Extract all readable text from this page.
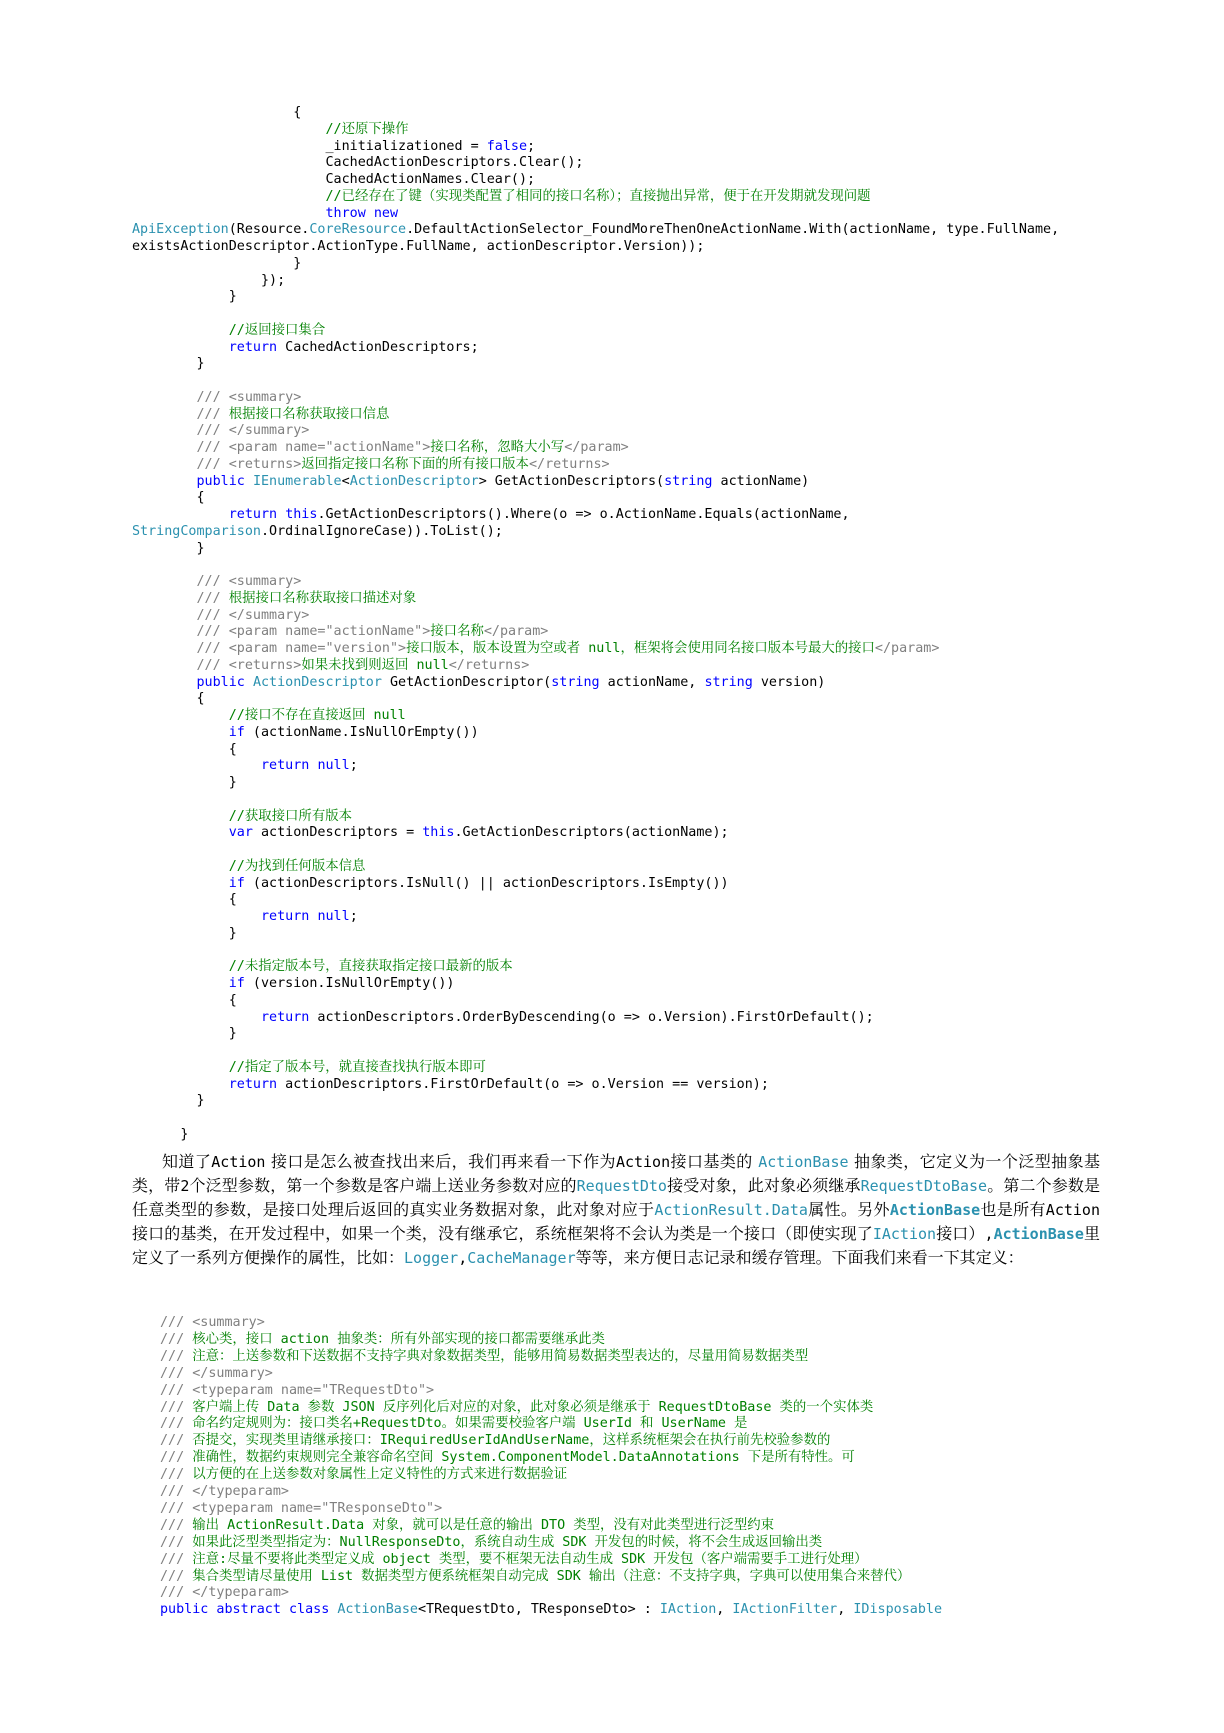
{
//还原下操作
_initializationed = false;
CachedActionDescriptors.Clear();
CachedActionNames.Clear();
//已经存在了键（实现类配置了相同的接口名称）；直接抛出异常，便于在开发期就发现问题
throw new
ApiException(Resource.CoreResource.DefaultActionSelector_FoundMoreThenOneActionName.With(actionName, type.FullName,
existsActionDescriptor.ActionType.FullName, actionDescriptor.Version));
}
});
}
//返回接口集合
return CachedActionDescriptors;
}
/// <summary>
/// 根据接口名称获取接口信息
/// </summary>
/// <param name="actionName">接口名称，忽略大小写</param>
/// <returns>返回指定接口名称下面的所有接口版本</returns>
public IEnumerable<ActionDescriptor> GetActionDescriptors(string actionName)
{
return this.GetActionDescriptors().Where(o => o.ActionName.Equals(actionName,
StringComparison.OrdinalIgnoreCase)).ToList();
}
/// <summary>
/// 根据接口名称获取接口描述对象
/// </summary>
/// <param name="actionName">接口名称</param>
/// <param name="version">接口版本，版本设置为空或者 null，框架将会使用同名接口版本号最大的接口</param>
/// <returns>如果未找到则返回 null</returns>
public ActionDescriptor GetActionDescriptor(string actionName, string version)
{
//接口不存在直接返回 null
if (actionName.IsNullOrEmpty())
{
return null;
}
//获取接口所有版本
var actionDescriptors = this.GetActionDescriptors(actionName);
//为找到任何版本信息
if (actionDescriptors.IsNull() || actionDescriptors.IsEmpty())
{
return null;
}
//未指定版本号，直接获取指定接口最新的版本
if (version.IsNullOrEmpty())
{
return actionDescriptors.OrderByDescending(o => o.Version).FirstOrDefault();
}
//指定了版本号，就直接查找执行版本即可
return actionDescriptors.FirstOrDefault(o => o.Version == version);
}
}

知道了Action 接口是怎么被查找出来后，我们再来看一下作为Action接口基类的 ActionBase 抽象类，它定义为一个泛型抽象基类，带2个泛型参数，第一个参数是客户端上送业务参数对应的RequestDto接受对象，此对象必须继承RequestDtoBase。第二个参数是任意类型的参数，是接口处理后返回的真实业务数据对象，此对象对应于ActionResult.Data属性。另外ActionBase也是所有Action接口的基类，在开发过程中，如果一个类，没有继承它，系统框架将不会认为类是一个接口（即使实现了IAction接口）,ActionBase里定义了一系列方便操作的属性，比如：Logger,CacheManager等等，来方便日志记录和缓存管理。下面我们来看一下其定义：

/// <summary>
/// 核心类，接口 action 抽象类：所有外部实现的接口都需要继承此类
/// 注意：上送参数和下送数据不支持字典对象数据类型，能够用简易数据类型表达的，尽量用简易数据类型
/// </summary>
/// <typeparam name="TRequestDto">
/// 客户端上传 Data 参数 JSON 反序列化后对应的对象，此对象必须是继承于 RequestDtoBase 类的一个实体类
/// 命名约定规则为：接口类名+RequestDto。如果需要校验客户端 UserId 和 UserName 是
/// 否提交，实现类里请继承接口：IRequiredUserIdAndUserName，这样系统框架会在执行前先校验参数的
/// 准确性，数据约束规则完全兼容命名空间 System.ComponentModel.DataAnnotations 下是所有特性。可
/// 以方便的在上送参数对象属性上定义特性的方式来进行数据验证
/// </typeparam>
/// <typeparam name="TResponseDto">
/// 输出 ActionResult.Data 对象，就可以是任意的输出 DTO 类型，没有对此类型进行泛型约束
/// 如果此泛型类型指定为：NullResponseDto，系统自动生成 SDK 开发包的时候，将不会生成返回输出类
/// 注意:尽量不要将此类型定义成 object 类型，要不框架无法自动生成 SDK 开发包（客户端需要手工进行处理）
/// 集合类型请尽量使用 List 数据类型方便系统框架自动完成 SDK 输出（注意：不支持字典，字典可以使用集合来替代）
/// </typeparam>
public abstract class ActionBase<TRequestDto, TResponseDto> : IAction, IActionFilter, IDisposable
